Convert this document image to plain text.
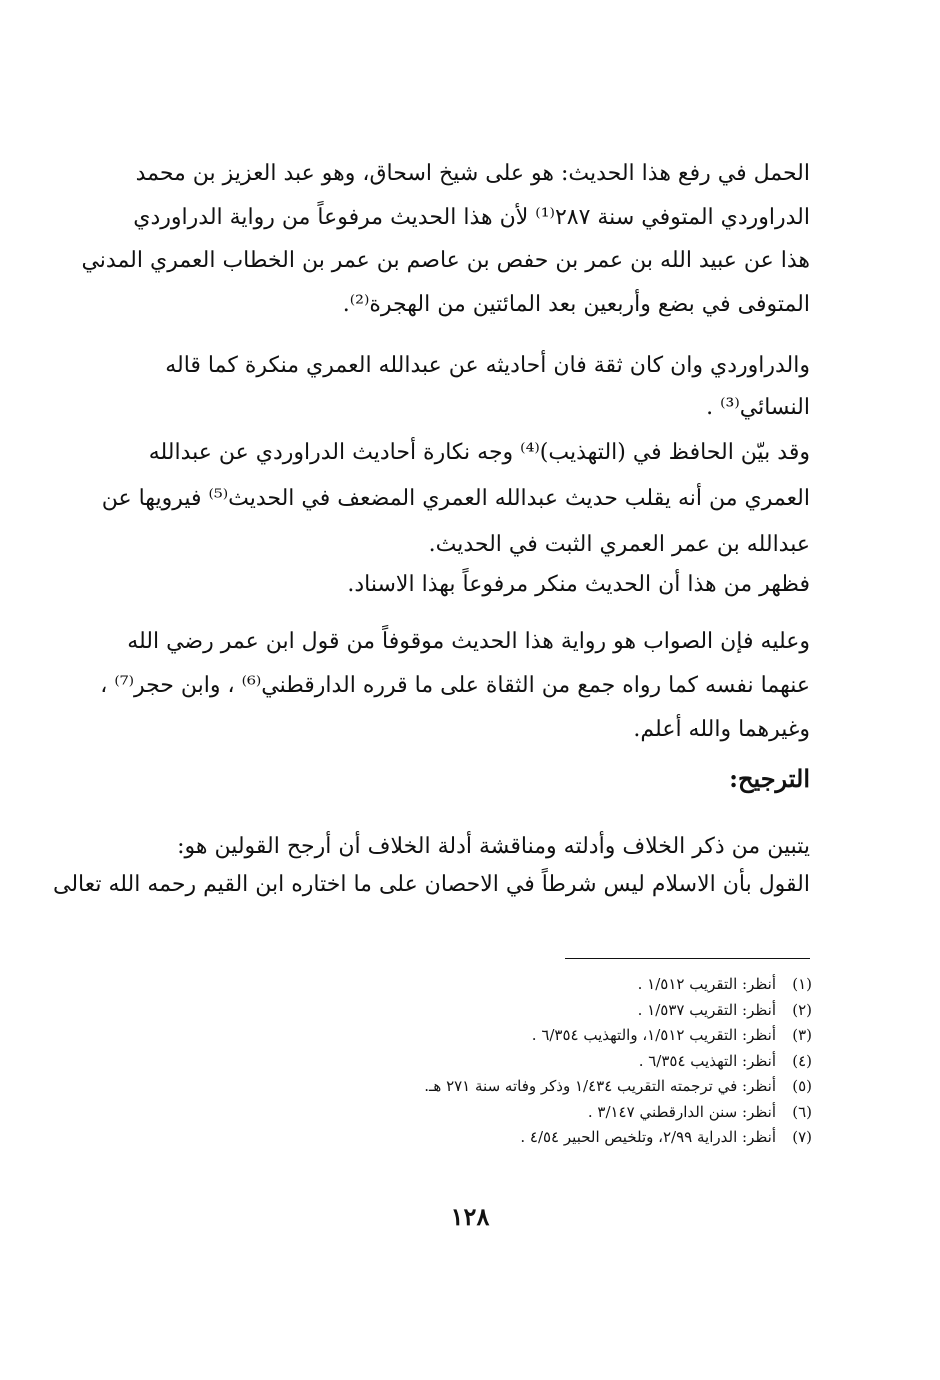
الحمل في رفع هذا الحديث: هو على شيخ اسحاق، وهو عبد العزيز بن محمد
الدراوردي المتوفي سنة ٢٨٧⁽¹⁾ لأن هذا الحديث مرفوعاً من رواية الدراوردي
هذا عن عبيد الله بن عمر بن حفص بن عاصم بن عمر بن الخطاب العمري المدني
المتوفى في بضع وأربعين بعد المائتين من الهجرة⁽²⁾.

والدراوردي وان كان ثقة فان أحاديثه عن عبدالله العمري منكرة كما قاله
النسائي⁽³⁾ .

وقد بيّن الحافظ في (التهذيب)⁽⁴⁾ وجه نكارة أحاديث الدراوردي عن عبدالله
العمري من أنه يقلب حديث عبدالله العمري المضعف في الحديث⁽⁵⁾ فيرويها عن
عبدالله بن عمر العمري الثبت في الحديث.

فظهر من هذا أن الحديث منكر مرفوعاً بهذا الاسناد.

وعليه فإن الصواب هو رواية هذا الحديث موقوفاً من قول ابن عمر رضي الله
عنهما نفسه كما رواه جمع من الثقاة على ما قرره الدارقطني⁽⁶⁾ ، وابن حجر⁽⁷⁾ ،
وغيرهما والله أعلم.

الترجيح:

يتبين من ذكر الخلاف وأدلته ومناقشة أدلة الخلاف أن أرجح القولين هو:
القول بأن الاسلام ليس شرطاً في الاحصان على ما اختاره ابن القيم رحمه الله تعالى

(١)أنظر: التقريب ١/٥١٢ .
(٢)أنظر: التقريب ١/٥٣٧ .
(٣)أنظر: التقريب ١/٥١٢، والتهذيب ٦/٣٥٤ .
(٤)أنظر: التهذيب ٦/٣٥٤ .
(٥)أنظر: في ترجمته التقريب ١/٤٣٤ وذكر وفاته سنة ٢٧١ هـ.
(٦)أنظر: سنن الدارقطني ٣/١٤٧ .
(٧)أنظر: الدراية ٢/٩٩، وتلخيص الحبير ٤/٥٤ .
١٢٨
